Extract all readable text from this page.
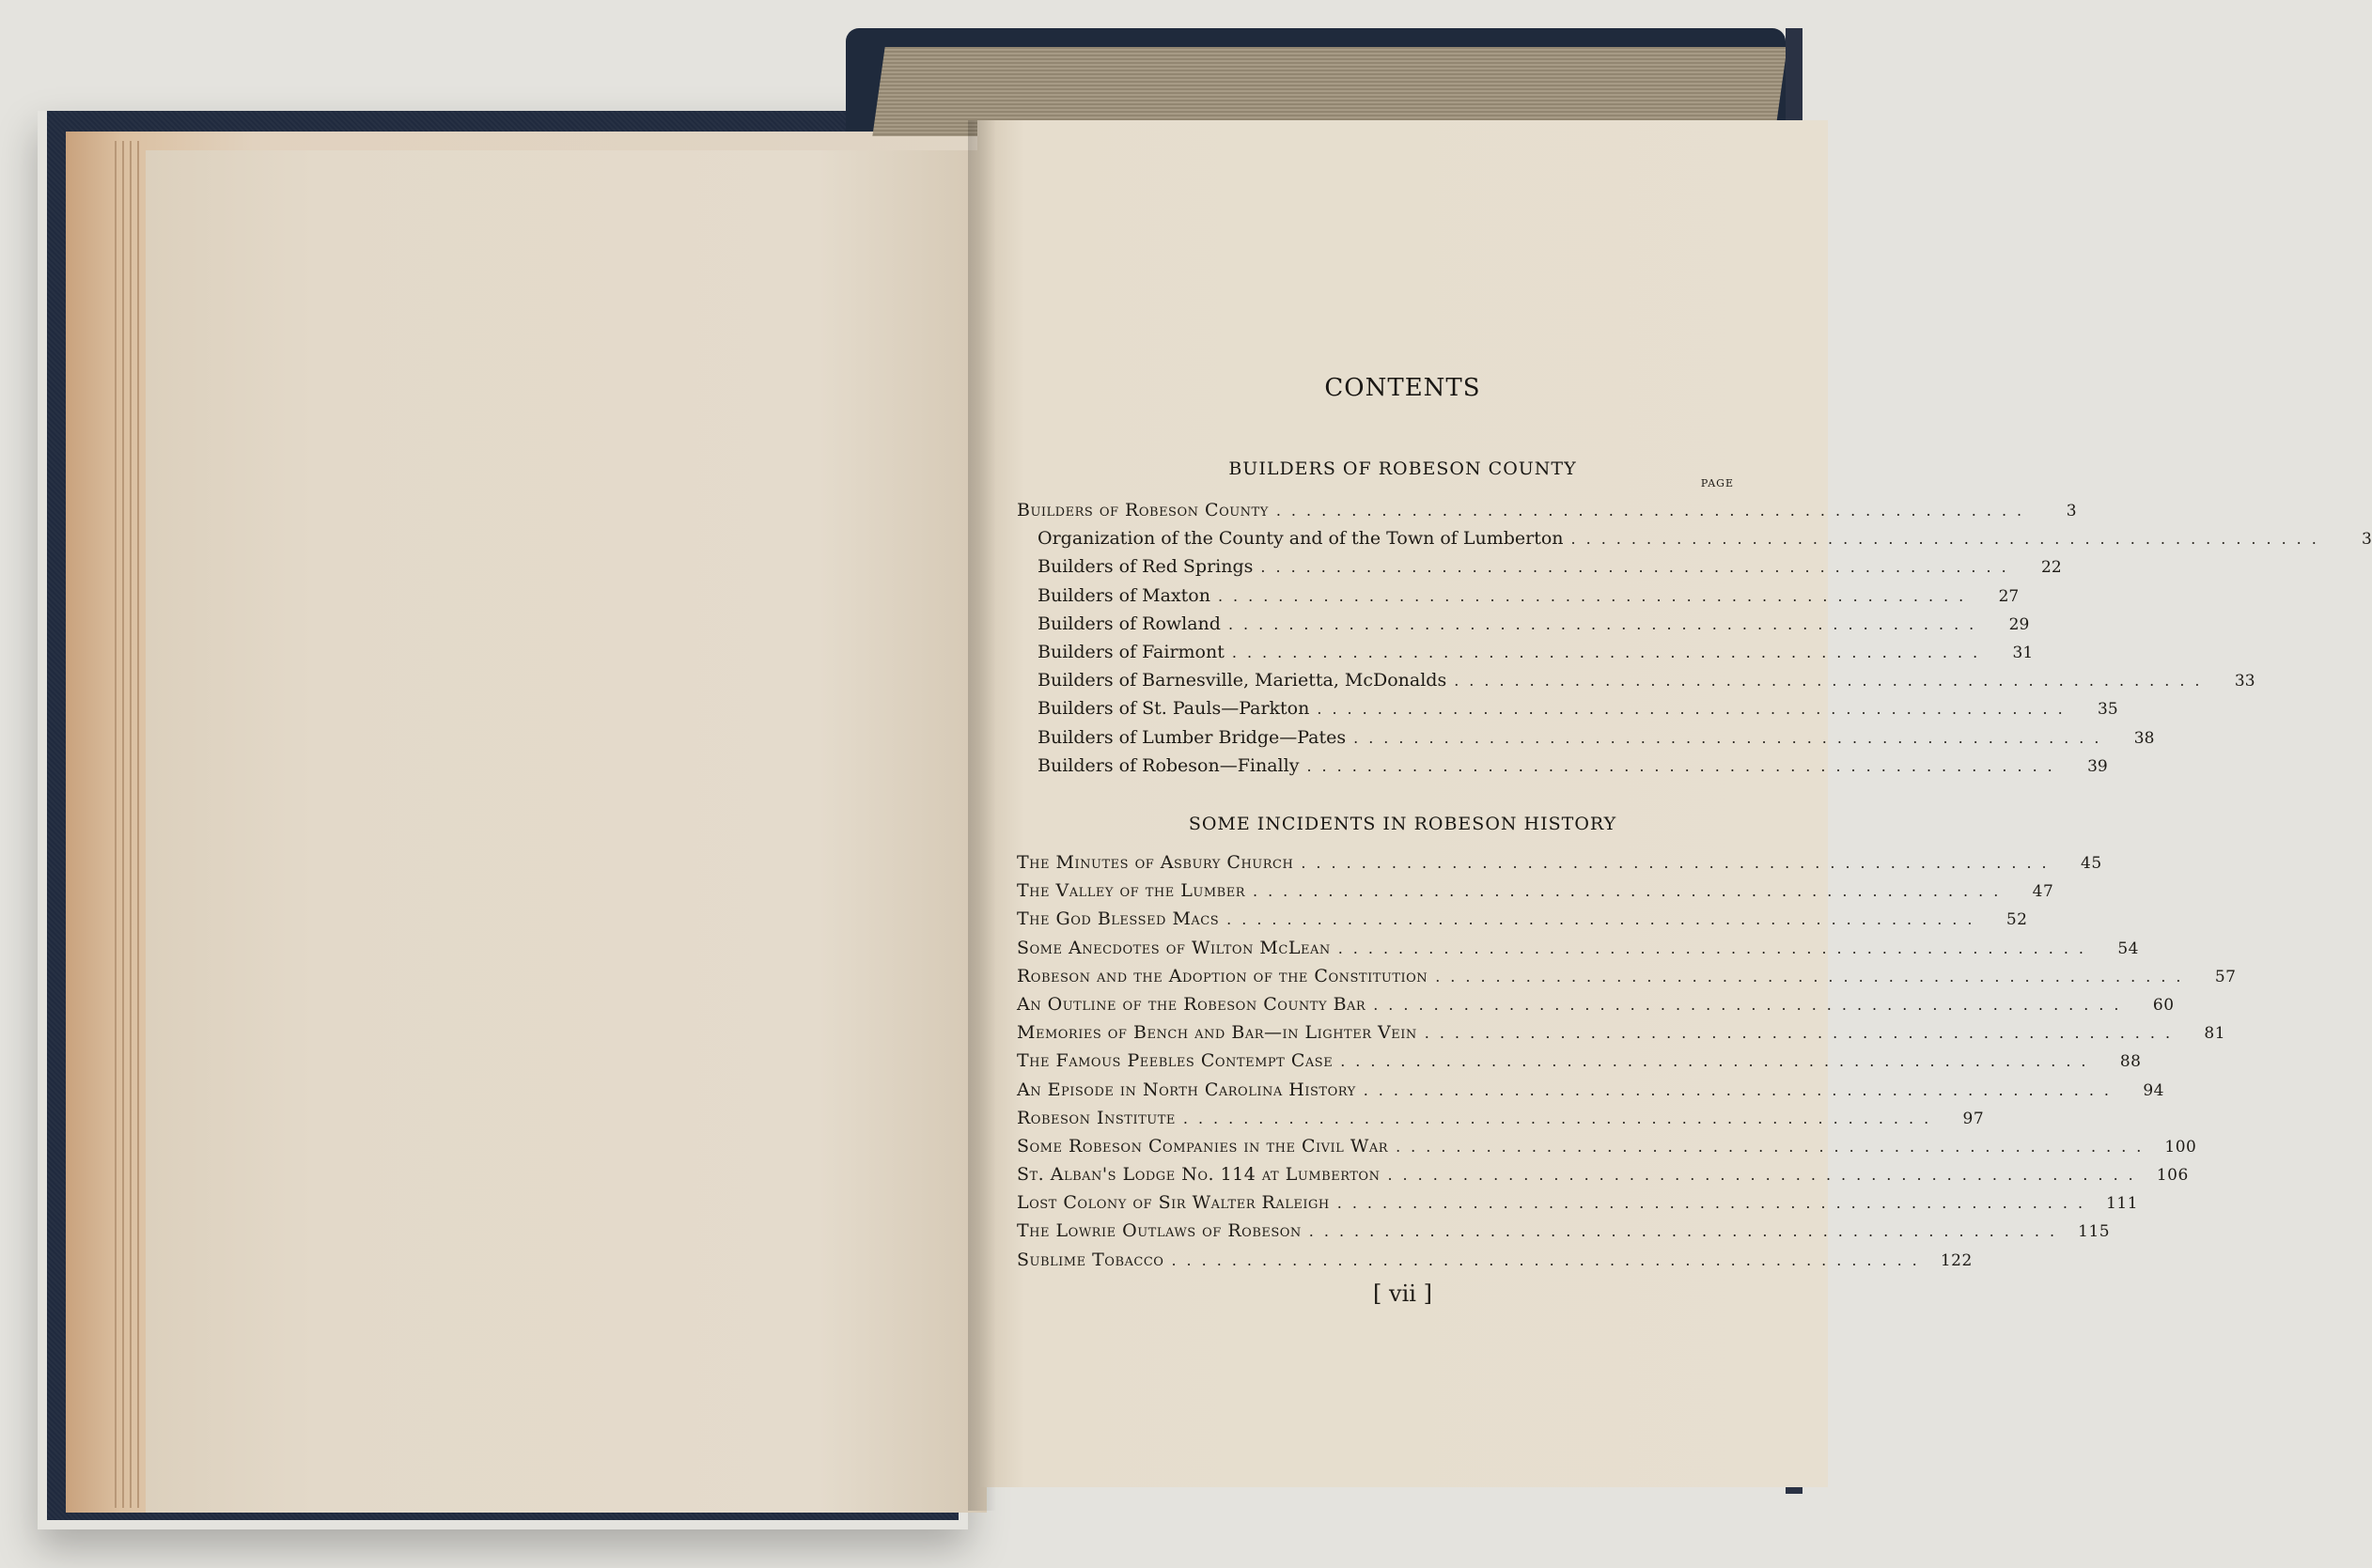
CONTENTS
BUILDERS OF ROBESON COUNTY
PAGE
Builders of Robeson County ..................................................	3
Organization of the County and of the Town of Lumberton ..................................................	3
Builders of Red Springs ..................................................	22
Builders of Maxton ..................................................	27
Builders of Rowland ..................................................	29
Builders of Fairmont ..................................................	31
Builders of Barnesville, Marietta, McDonalds ..................................................	33
Builders of St. Pauls—Parkton ..................................................	35
Builders of Lumber Bridge—Pates ..................................................	38
Builders of Robeson—Finally ..................................................	39
SOME INCIDENTS IN ROBESON HISTORY
The Minutes of Asbury Church ..................................................	45
The Valley of the Lumber ..................................................	47
The God Blessed Macs ..................................................	52
Some Anecdotes of Wilton McLean ..................................................	54
Robeson and the Adoption of the Constitution ..................................................	57
An Outline of the Robeson County Bar ..................................................	60
Memories of Bench and Bar—in Lighter Vein ..................................................	81
The Famous Peebles Contempt Case ..................................................	88
An Episode in North Carolina History ..................................................	94
Robeson Institute ..................................................	97
Some Robeson Companies in the Civil War .................................................. 100
St. Alban's Lodge No. 114 at Lumberton .................................................. 106
Lost Colony of Sir Walter Raleigh .................................................. 111
The Lowrie Outlaws of Robeson .................................................. 115
Sublime Tobacco .................................................. 122
[ vii ]
